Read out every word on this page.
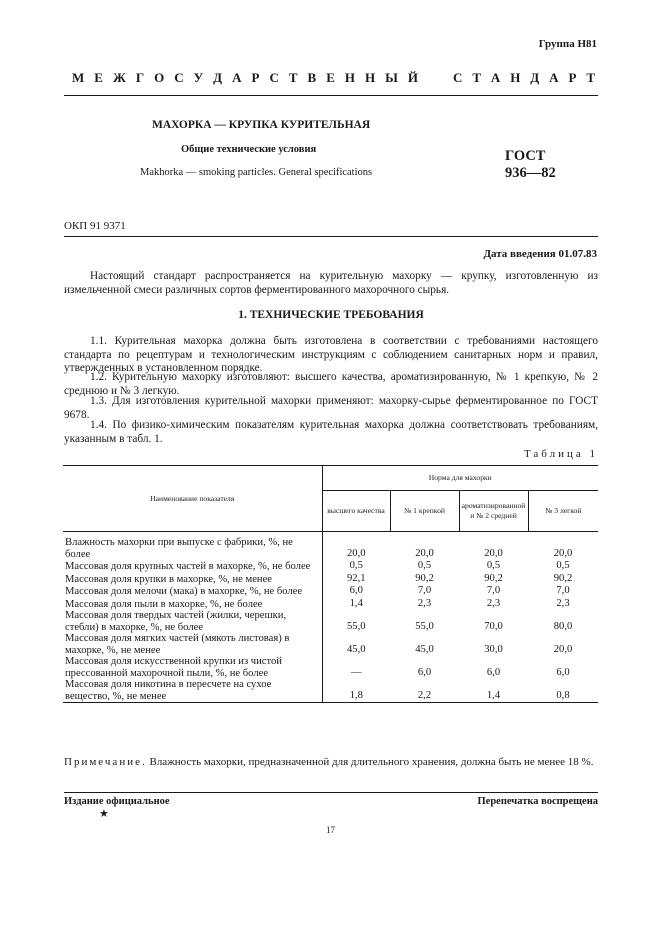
Группа Н81
М Е Ж Г О С У Д А Р С Т В Е Н Н Ы Й	С Т А Н Д А Р Т
МАХОРКА — КРУПКА КУРИТЕЛЬНАЯ
Общие технические условия
Makhorka — smoking particles. General specifications
ГОСТ
936—82
ОКП 91 9371
Дата введения 01.07.83
Настоящий стандарт распространяется на курительную махорку — крупку, изготовленную из измельченной смеси различных сортов ферментированного махорочного сырья.
1. ТЕХНИЧЕСКИЕ ТРЕБОВАНИЯ
1.1. Курительная махорка должна быть изготовлена в соответствии с требованиями настоящего стандарта по рецептурам и технологическим инструкциям с соблюдением санитарных норм и правил, утвержденных в установленном порядке.
1.2. Курительную махорку изготовляют: высшего качества, ароматизированную, № 1 крепкую, № 2 среднюю и № 3 легкую.
1.3. Для изготовления курительной махорки применяют: махорку-сырье ферментированное по ГОСТ 9678.
1.4. По физико-химическим показателям курительная махорка должна соответствовать требованиям, указанным в табл. 1.
Таблица 1
Наименование показателя	Норма для махорки			
	высшего качества	№ 1 крепкой	ароматизированной и № 2 средней	№ 3 легкой
Влажность махорки при выпуске с фабрики, %, не более	20,0	20,0	20,0	20,0
Массовая доля крупных частей в махорке, %, не более	0,5	0,5	0,5	0,5
Массовая доля крупки в махорке, %, не менее	92,1	90,2	90,2	90,2
Массовая доля мелочи (мака) в махорке, %, не более	6,0	7,0	7,0	7,0
Массовая доля пыли в махорке, %, не более	1,4	2,3	2,3	2,3
Массовая доля твердых частей (жилки, черешки, стебли) в махорке, %, не более	55,0	55,0	70,0	80,0
Массовая доля мягких частей (мякоть листовая) в махорке, %, не менее	45,0	45,0	30,0	20,0
Массовая доля искусственной крупки из чистой прессованной махорочной пыли, %, не более	—	6,0	6,0	6,0
Массовая доля никотина в пересчете на сухое вещество, %, не менее	1,8	2,2	1,4	0,8
Примечание. Влажность махорки, предназначенной для длительного хранения, должна быть не менее 18 %.
Издание официальное	Перепечатка воспрещена
★
17
